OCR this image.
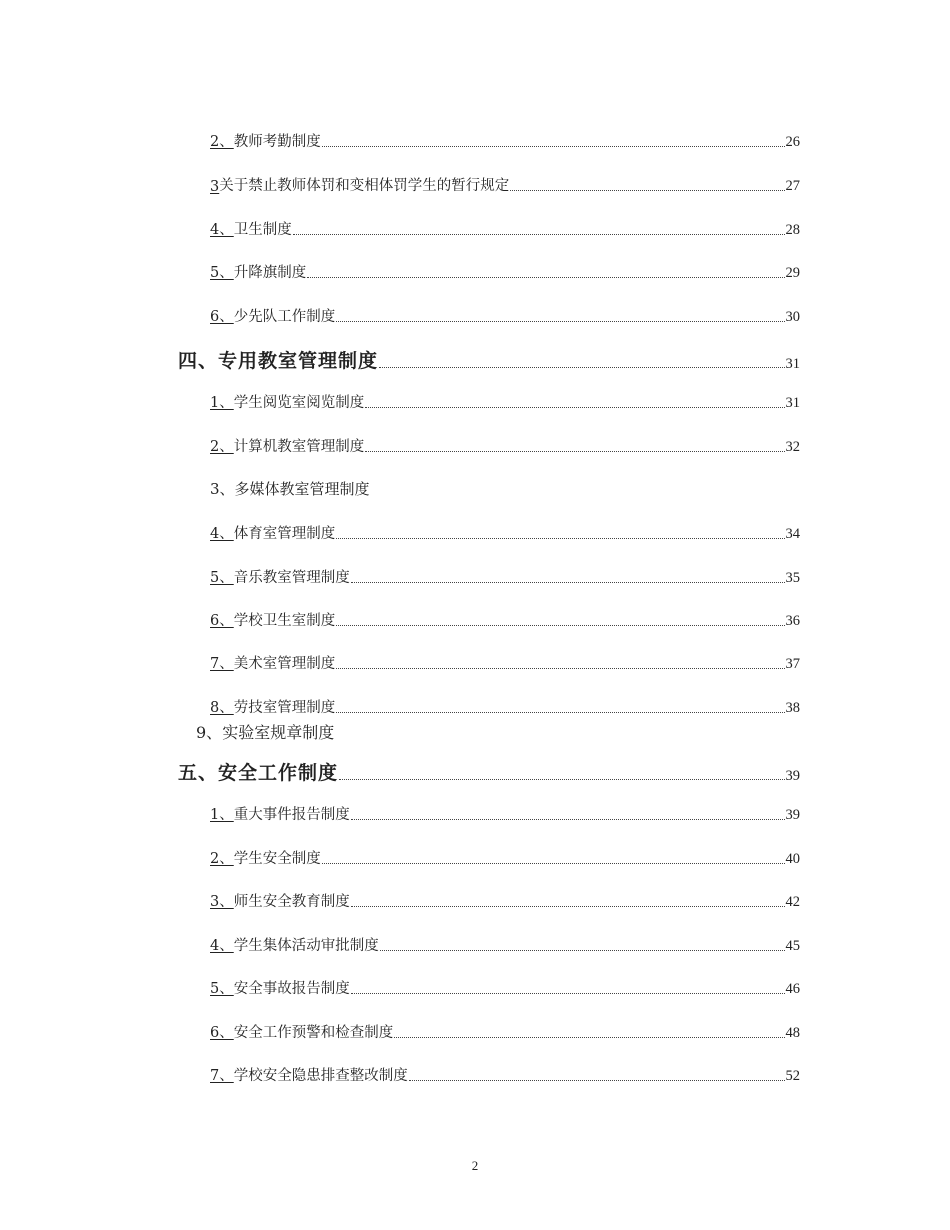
2、 教师考勤制度	26
3 关于禁止教师体罚和变相体罚学生的暂行规定	27
4、 卫生制度	28
5、 升降旗制度	29
6、 少先队工作制度	30
四、 专用教室管理制度	31
1、 学生阅览室阅览制度	31
2、 计算机教室管理制度	32
3、 多媒体教室管理制度
4、 体育室管理制度	34
5、 音乐教室管理制度	35
6、 学校卫生室制度	36
7、 美术室管理制度	37
8、 劳技室管理制度	38
9、 实验室规章制度
五、 安全工作制度	39
1、 重大事件报告制度	39
2、 学生安全制度	40
3、 师生安全教育制度	42
4、 学生集体活动审批制度	45
5、 安全事故报告制度	46
6、 安全工作预警和检查制度	48
7、 学校安全隐患排查整改制度	52
2
